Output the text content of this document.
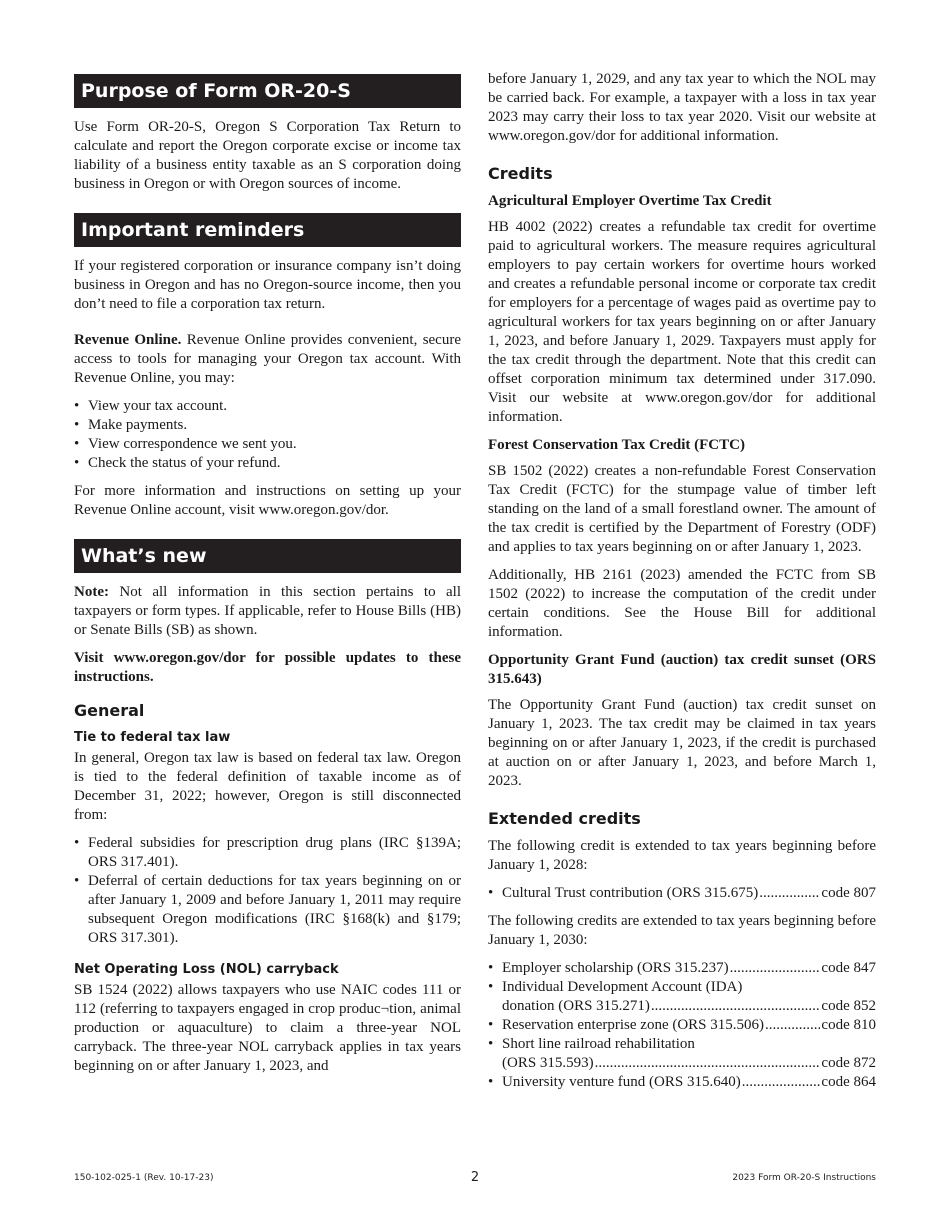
Purpose of Form OR-20-S

Use Form OR-20-S, Oregon S Corporation Tax Return to calculate and report the Oregon corporate excise or income tax liability of a business entity taxable as an S corporation doing business in Oregon or with Oregon sources of income.

Important reminders

If your registered corporation or insurance company isn’t doing business in Oregon and has no Oregon-source income, then you don’t need to file a corporation tax return.

Revenue Online. Revenue Online provides convenient, secure access to tools for managing your Oregon tax account. With Revenue Online, you may:

• View your tax account.
• Make payments.
• View correspondence we sent you.
• Check the status of your refund.

For more information and instructions on setting up your Revenue Online account, visit www.oregon.gov/dor.

What’s new

Note: Not all information in this section pertains to all taxpayers or form types. If applicable, refer to House Bills (HB) or Senate Bills (SB) as shown.

Visit www.oregon.gov/dor for possible updates to these instructions.

General
Tie to federal tax law

In general, Oregon tax law is based on federal tax law. Oregon is tied to the federal definition of taxable income as of December 31, 2022; however, Oregon is still disconnected from:

• Federal subsidies for prescription drug plans (IRC §139A; ORS 317.401).
• Deferral of certain deductions for tax years beginning on or after January 1, 2009 and before January 1, 2011 may require subsequent Oregon modifications (IRC §168(k) and §179; ORS 317.301).
Net Operating Loss (NOL) carryback

SB 1524 (2022) allows taxpayers who use NAIC codes 111 or 112 (referring to taxpayers engaged in crop produc¬tion, animal production or aquaculture) to claim a three-year NOL carryback. The three-year NOL carryback applies in tax years beginning on or after January 1, 2023, and

before January 1, 2029, and any tax year to which the NOL may be carried back. For example, a taxpayer with a loss in tax year 2023 may carry their loss to tax year 2020. Visit our website at www.oregon.gov/dor for additional information.

Credits
Agricultural Employer Overtime Tax Credit

HB 4002 (2022) creates a refundable tax credit for overtime paid to agricultural workers. The measure requires agricultural employers to pay certain workers for overtime hours worked and creates a refundable personal income or corporate tax credit for employers for a percentage of wages paid as overtime pay to agricultural workers for tax years beginning on or after January 1, 2023, and before January 1, 2029. Taxpayers must apply for the tax credit through the department. Note that this credit can offset corporation minimum tax determined under 317.090. Visit our website at www.oregon.gov/dor for additional information.

Forest Conservation Tax Credit (FCTC)

SB 1502 (2022) creates a non-refundable Forest Conservation Tax Credit (FCTC) for the stumpage value of timber left standing on the land of a small forestland owner. The amount of the tax credit is certified by the Department of Forestry (ODF) and applies to tax years beginning on or after January 1, 2023.

Additionally, HB 2161 (2023) amended the FCTC from SB 1502 (2022) to increase the computation of the credit under certain conditions. See the House Bill for additional information.

Opportunity Grant Fund (auction) tax credit sunset (ORS 315.643)

The Opportunity Grant Fund (auction) tax credit sunset on January 1, 2023. The tax credit may be claimed in tax years beginning on or after January 1, 2023, if the credit is purchased at auction on or after January 1, 2023, and before March 1, 2023.

Extended credits

The following credit is extended to tax years beginning before January 1, 2028:

• Cultural Trust contribution (ORS 315.675) .....	code 807

The following credits are extended to tax years beginning before January 1, 2030:

• Employer scholarship (ORS 315.237) .....	code 847
• Individual Development Account (IDA)
donation (ORS 315.271) .....	code 852
• Reservation enterprise zone (ORS 315.506) .....	code 810
• Short line railroad rehabilitation
(ORS 315.593) .....	code 872
• University venture fund (ORS 315.640) .....	code 864
150-102-025-1 (Rev. 10-17-23)	2	2023 Form OR-20-S Instructions
